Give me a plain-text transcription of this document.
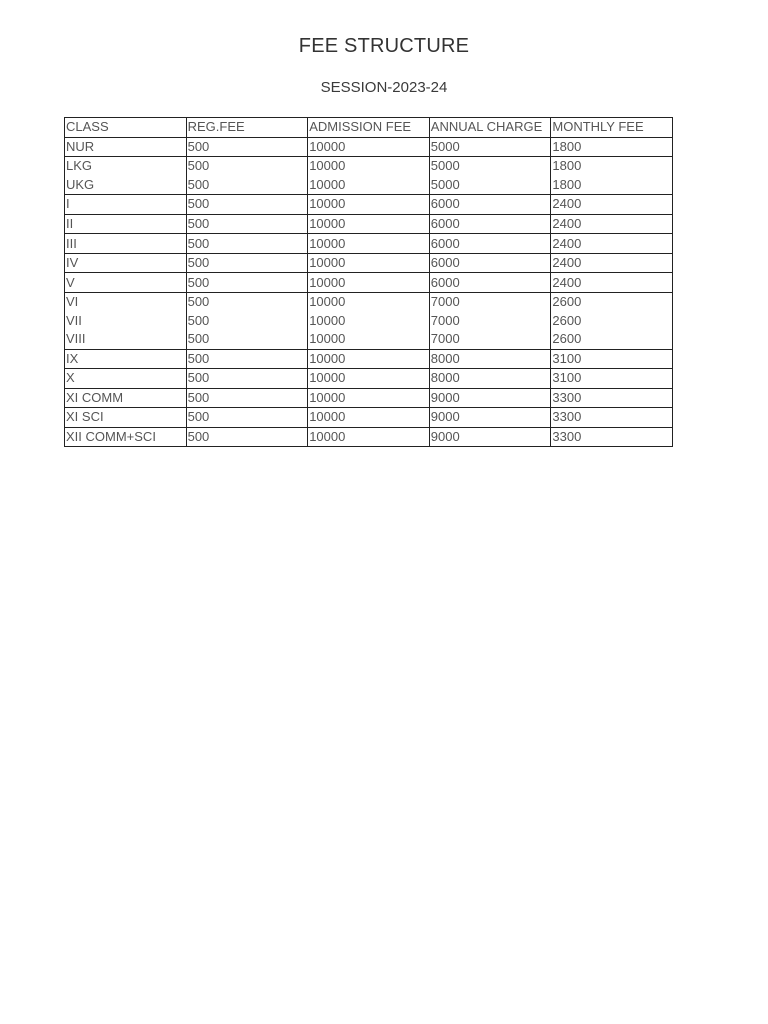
FEE STRUCTURE
SESSION-2023-24
CLASS	REG.FEE	ADMISSION FEE	ANNUAL CHARGE	MONTHLY FEE
NUR	500	10000	5000	1800
LKG	500	10000	5000	1800
UKG	500	10000	5000	1800
I	500	10000	6000	2400
II	500	10000	6000	2400
III	500	10000	6000	2400
IV	500	10000	6000	2400
V	500	10000	6000	2400
VI	500	10000	7000	2600
VII	500	10000	7000	2600
VIII	500	10000	7000	2600
IX	500	10000	8000	3100
X	500	10000	8000	3100
XI COMM	500	10000	9000	3300
XI SCI	500	10000	9000	3300
XII COMM+SCI	500	10000	9000	3300
